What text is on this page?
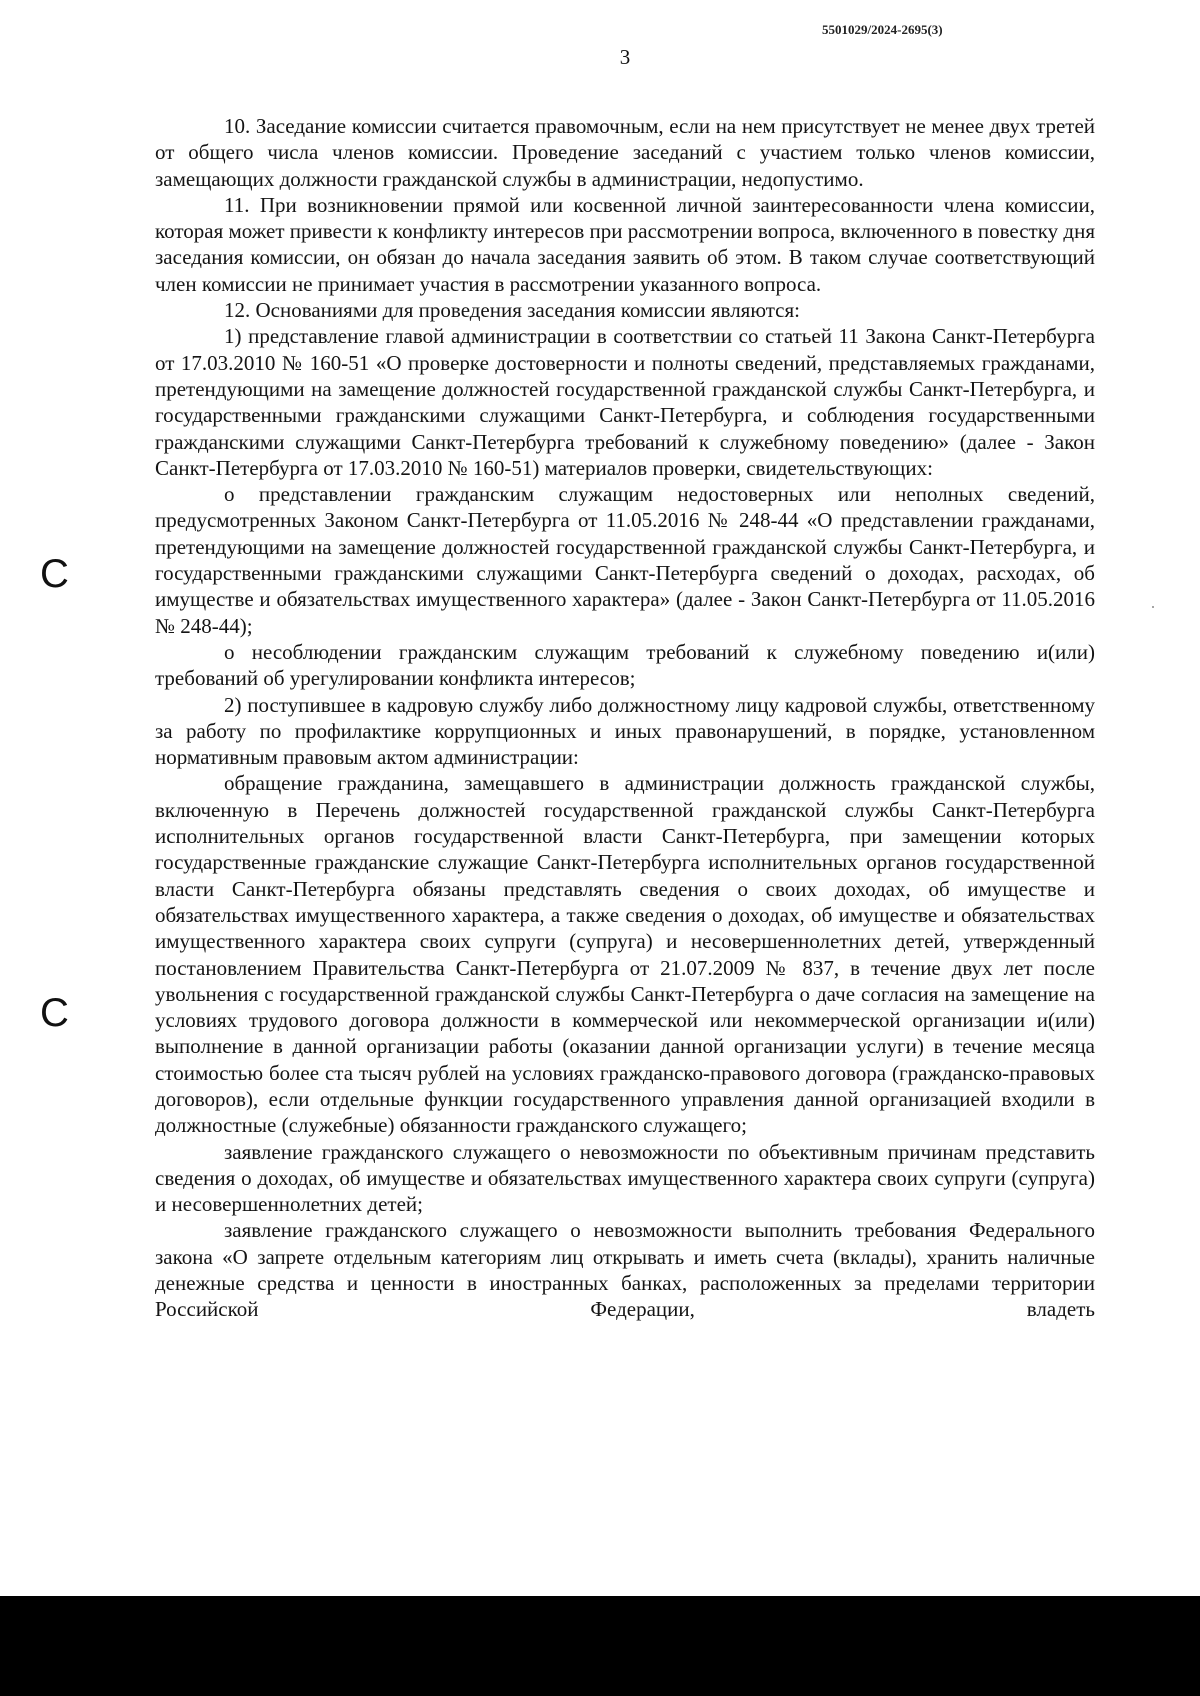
5501029/2024-2695(3)
3

10. Заседание комиссии считается правомочным, если на нем присутствует не менее двух третей от общего числа членов комиссии. Проведение заседаний с участием только членов комиссии, замещающих должности гражданской службы в администрации, недопустимо.

11. При возникновении прямой или косвенной личной заинтересованности члена комиссии, которая может привести к конфликту интересов при рассмотрении вопроса, включенного в повестку дня заседания комиссии, он обязан до начала заседания заявить об этом. В таком случае соответствующий член комиссии не принимает участия в рассмотрении указанного вопроса.

12. Основаниями для проведения заседания комиссии являются:

1) представление главой администрации в соответствии со статьей 11 Закона Санкт-Петербурга от 17.03.2010 № 160-51 «О проверке достоверности и полноты сведений, представляемых гражданами, претендующими на замещение должностей государственной гражданской службы Санкт-Петербурга, и государственными гражданскими служащими Санкт-Петербурга, и соблюдения государственными гражданскими служащими Санкт-Петербурга требований к служебному поведению» (далее - Закон Санкт-Петербурга от 17.03.2010 № 160-51) материалов проверки, свидетельствующих:

о представлении гражданским служащим недостоверных или неполных сведений, предусмотренных Законом Санкт-Петербурга от 11.05.2016 № 248-44 «О представлении гражданами, претендующими на замещение должностей государственной гражданской службы Санкт-Петербурга, и государственными гражданскими служащими Санкт-Петербурга сведений о доходах, расходах, об имуществе и обязательствах имущественного характера» (далее - Закон Санкт-Петербурга от 11.05.2016 № 248-44);

о несоблюдении гражданским служащим требований к служебному поведению и(или) требований об урегулировании конфликта интересов;

2) поступившее в кадровую службу либо должностному лицу кадровой службы, ответственному за работу по профилактике коррупционных и иных правонарушений, в порядке, установленном нормативным правовым актом администрации:

обращение гражданина, замещавшего в администрации должность гражданской службы, включенную в Перечень должностей государственной гражданской службы Санкт-Петербурга исполнительных органов государственной власти Санкт-Петербурга, при замещении которых государственные гражданские служащие Санкт-Петербурга исполнительных органов государственной власти Санкт-Петербурга обязаны представлять сведения о своих доходах, об имуществе и обязательствах имущественного характера, а также сведения о доходах, об имуществе и обязательствах имущественного характера своих супруги (супруга) и несовершеннолетних детей, утвержденный постановлением Правительства Санкт-Петербурга от 21.07.2009 № 837, в течение двух лет после увольнения с государственной гражданской службы Санкт-Петербурга о даче согласия на замещение на условиях трудового договора должности в коммерческой или некоммерческой организации и(или) выполнение в данной организации работы (оказании данной организации услуги) в течение месяца стоимостью более ста тысяч рублей на условиях гражданско-правового договора (гражданско-правовых договоров), если отдельные функции государственного управления данной организацией входили в должностные (служебные) обязанности гражданского служащего;

заявление гражданского служащего о невозможности по объективным причинам представить сведения о доходах, об имуществе и обязательствах имущественного характера своих супруги (супруга) и несовершеннолетних детей;

заявление гражданского служащего о невозможности выполнить требования Федерального закона «О запрете отдельным категориям лиц открывать и иметь счета (вклады), хранить наличные денежные средства и ценности в иностранных банках, расположенных за пределами территории Российской Федерации, владеть

C
C
